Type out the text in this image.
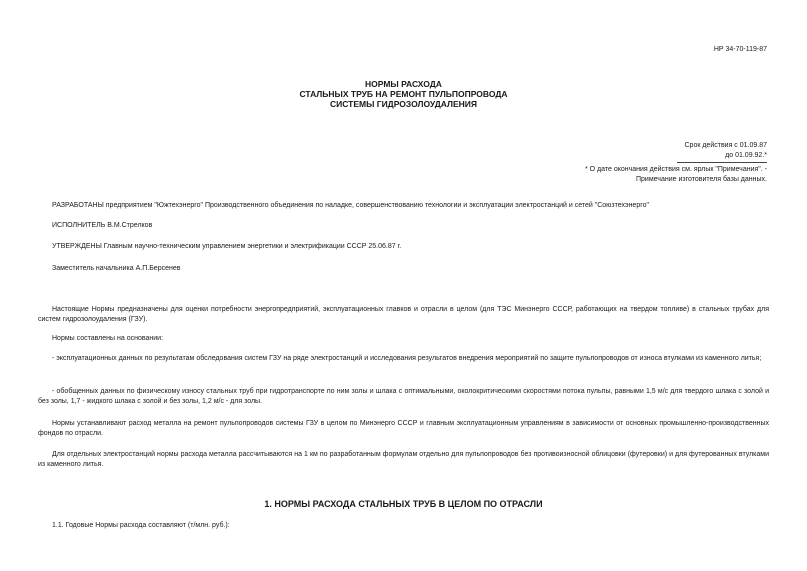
НР 34-70-119-87
НОРМЫ РАСХОДА
СТАЛЬНЫХ ТРУБ НА РЕМОНТ ПУЛЬПОПРОВОДА
СИСТЕМЫ ГИДРОЗОЛОУДАЛЕНИЯ
Срок действия с 01.09.87
до 01.09.92.*
* О дате окончания действия см. ярлык "Примечания". -
Примечание изготовителя базы данных.
РАЗРАБОТАНЫ предприятием "Южтехэнерго" Производственного объединения по наладке, совершенствованию технологии и эксплуатации электростанций и сетей "Союзтехэнерго"
ИСПОЛНИТЕЛЬ В.М.Стрелков
УТВЕРЖДЕНЫ Главным научно-техническим управлением энергетики и электрификации СССР 25.06.87 г.
Заместитель начальника А.П.Берсенев
Настоящие Нормы предназначены для оценки потребности энергопредприятий, эксплуатационных главков и отрасли в целом (для ТЭС Минэнерго СССР, работающих на твердом топливе) в стальных трубах для систем гидрозолоудаления (ГЗУ).
Нормы составлены на основании:
- эксплуатационных данных по результатам обследования систем ГЗУ на ряде электростанций и исследования результатов внедрения мероприятий по защите пульпопроводов от износа втулками из каменного литья;
- обобщенных данных по физическому износу стальных труб при гидротранспорте по ним золы и шлака с оптимальными, околокритическими скоростями потока пульпы, равными 1,5 м/с для твердого шлака с золой и без золы, 1,7 - жидкого шлака с золой и без золы, 1,2 м/с - для золы.
Нормы устанавливают расход металла на ремонт пульпопроводов системы ГЗУ в целом по Минэнерго СССР и главным эксплуатационным управлениям в зависимости от основных промышленно-производственных фондов по отрасли.
Для отдельных электростанций нормы расхода металла рассчитываются на 1 км по разработанным формулам отдельно для пульпопроводов без противоизносной облицовки (футеровки) и для футерованных втулками из каменного литья.
1. НОРМЫ РАСХОДА СТАЛЬНЫХ ТРУБ В ЦЕЛОМ ПО ОТРАСЛИ
1.1. Годовые Нормы расхода составляют (т/млн. руб.):
